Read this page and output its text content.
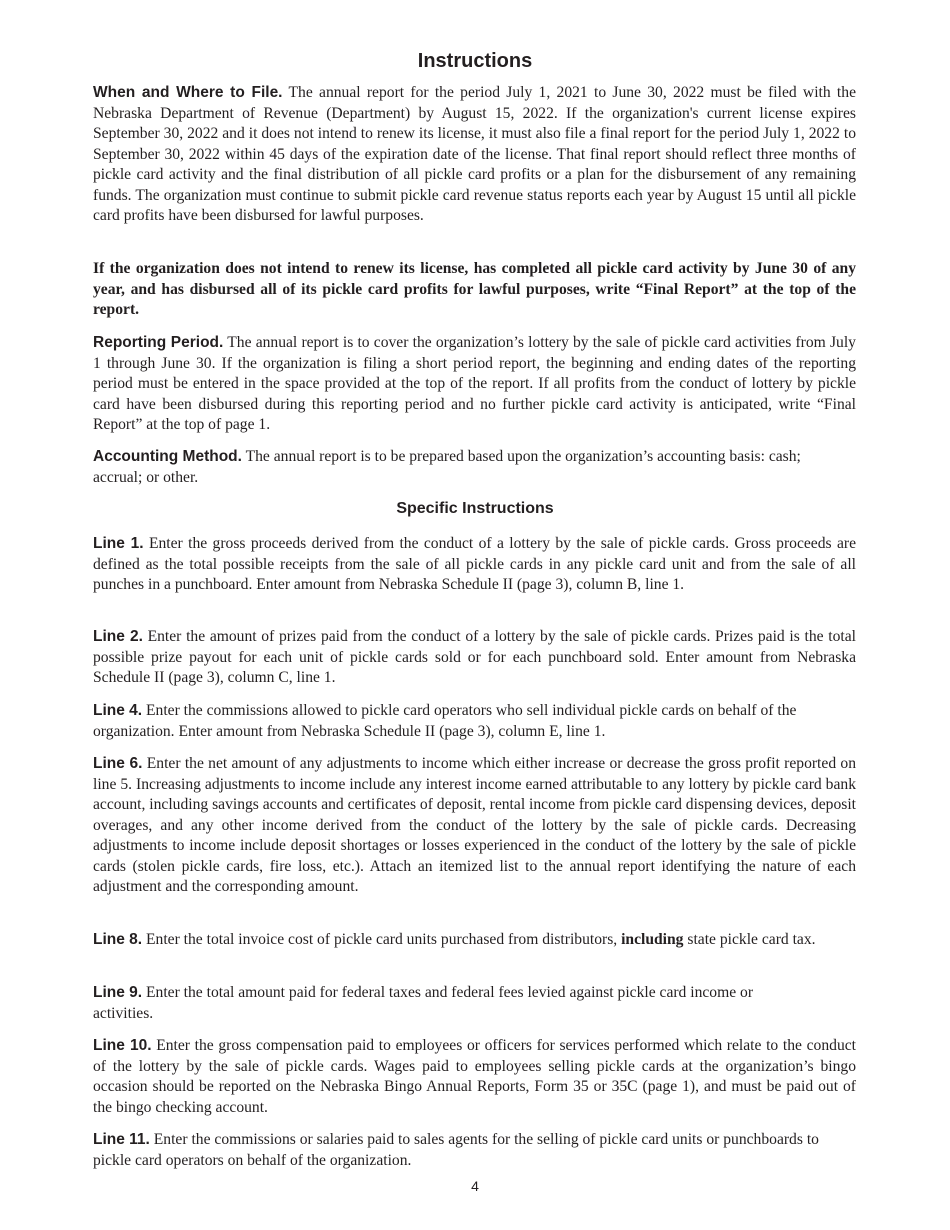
Instructions

When and Where to File. The annual report for the period July 1, 2021 to June 30, 2022 must be filed with the Nebraska Department of Revenue (Department) by August 15, 2022. If the organization's current license expires September 30, 2022 and it does not intend to renew its license, it must also file a final report for the period July 1, 2022 to September 30, 2022 within 45 days of the expiration date of the license. That final report should reflect three months of pickle card activity and the final distribution of all pickle card profits or a plan for the disbursement of any remaining funds. The organization must continue to submit pickle card revenue status reports each year by August 15 until all pickle card profits have been disbursed for lawful purposes.

If the organization does not intend to renew its license, has completed all pickle card activity by June 30 of any year, and has disbursed all of its pickle card profits for lawful purposes, write “Final Report” at the top of the report.

Reporting Period. The annual report is to cover the organization’s lottery by the sale of pickle card activities from July 1 through June 30. If the organization is filing a short period report, the beginning and ending dates of the reporting period must be entered in the space provided at the top of the report. If all profits from the conduct of lottery by pickle card have been disbursed during this reporting period and no further pickle card activity is anticipated, write “Final Report” at the top of page 1.

Accounting Method. The annual report is to be prepared based upon the organization’s accounting basis: cash; accrual; or other.

Specific Instructions

Line 1. Enter the gross proceeds derived from the conduct of a lottery by the sale of pickle cards. Gross proceeds are defined as the total possible receipts from the sale of all pickle cards in any pickle card unit and from the sale of all punches in a punchboard. Enter amount from Nebraska Schedule II (page 3), column B, line 1.

Line 2. Enter the amount of prizes paid from the conduct of a lottery by the sale of pickle cards. Prizes paid is the total possible prize payout for each unit of pickle cards sold or for each punchboard sold. Enter amount from Nebraska Schedule II (page 3), column C, line 1.

Line 4. Enter the commissions allowed to pickle card operators who sell individual pickle cards on behalf of the organization. Enter amount from Nebraska Schedule II (page 3), column E, line 1.

Line 6. Enter the net amount of any adjustments to income which either increase or decrease the gross profit reported on line 5. Increasing adjustments to income include any interest income earned attributable to any lottery by pickle card bank account, including savings accounts and certificates of deposit, rental income from pickle card dispensing devices, deposit overages, and any other income derived from the conduct of the lottery by the sale of pickle cards. Decreasing adjustments to income include deposit shortages or losses experienced in the conduct of the lottery by the sale of pickle cards (stolen pickle cards, fire loss, etc.). Attach an itemized list to the annual report identifying the nature of each adjustment and the corresponding amount.

Line 8. Enter the total invoice cost of pickle card units purchased from distributors, including state pickle card tax.

Line 9. Enter the total amount paid for federal taxes and federal fees levied against pickle card income or activities.

Line 10. Enter the gross compensation paid to employees or officers for services performed which relate to the conduct of the lottery by the sale of pickle cards. Wages paid to employees selling pickle cards at the organization’s bingo occasion should be reported on the Nebraska Bingo Annual Reports, Form 35 or 35C (page 1), and must be paid out of the bingo checking account.

Line 11. Enter the commissions or salaries paid to sales agents for the selling of pickle card units or punchboards to pickle card operators on behalf of the organization.

4
